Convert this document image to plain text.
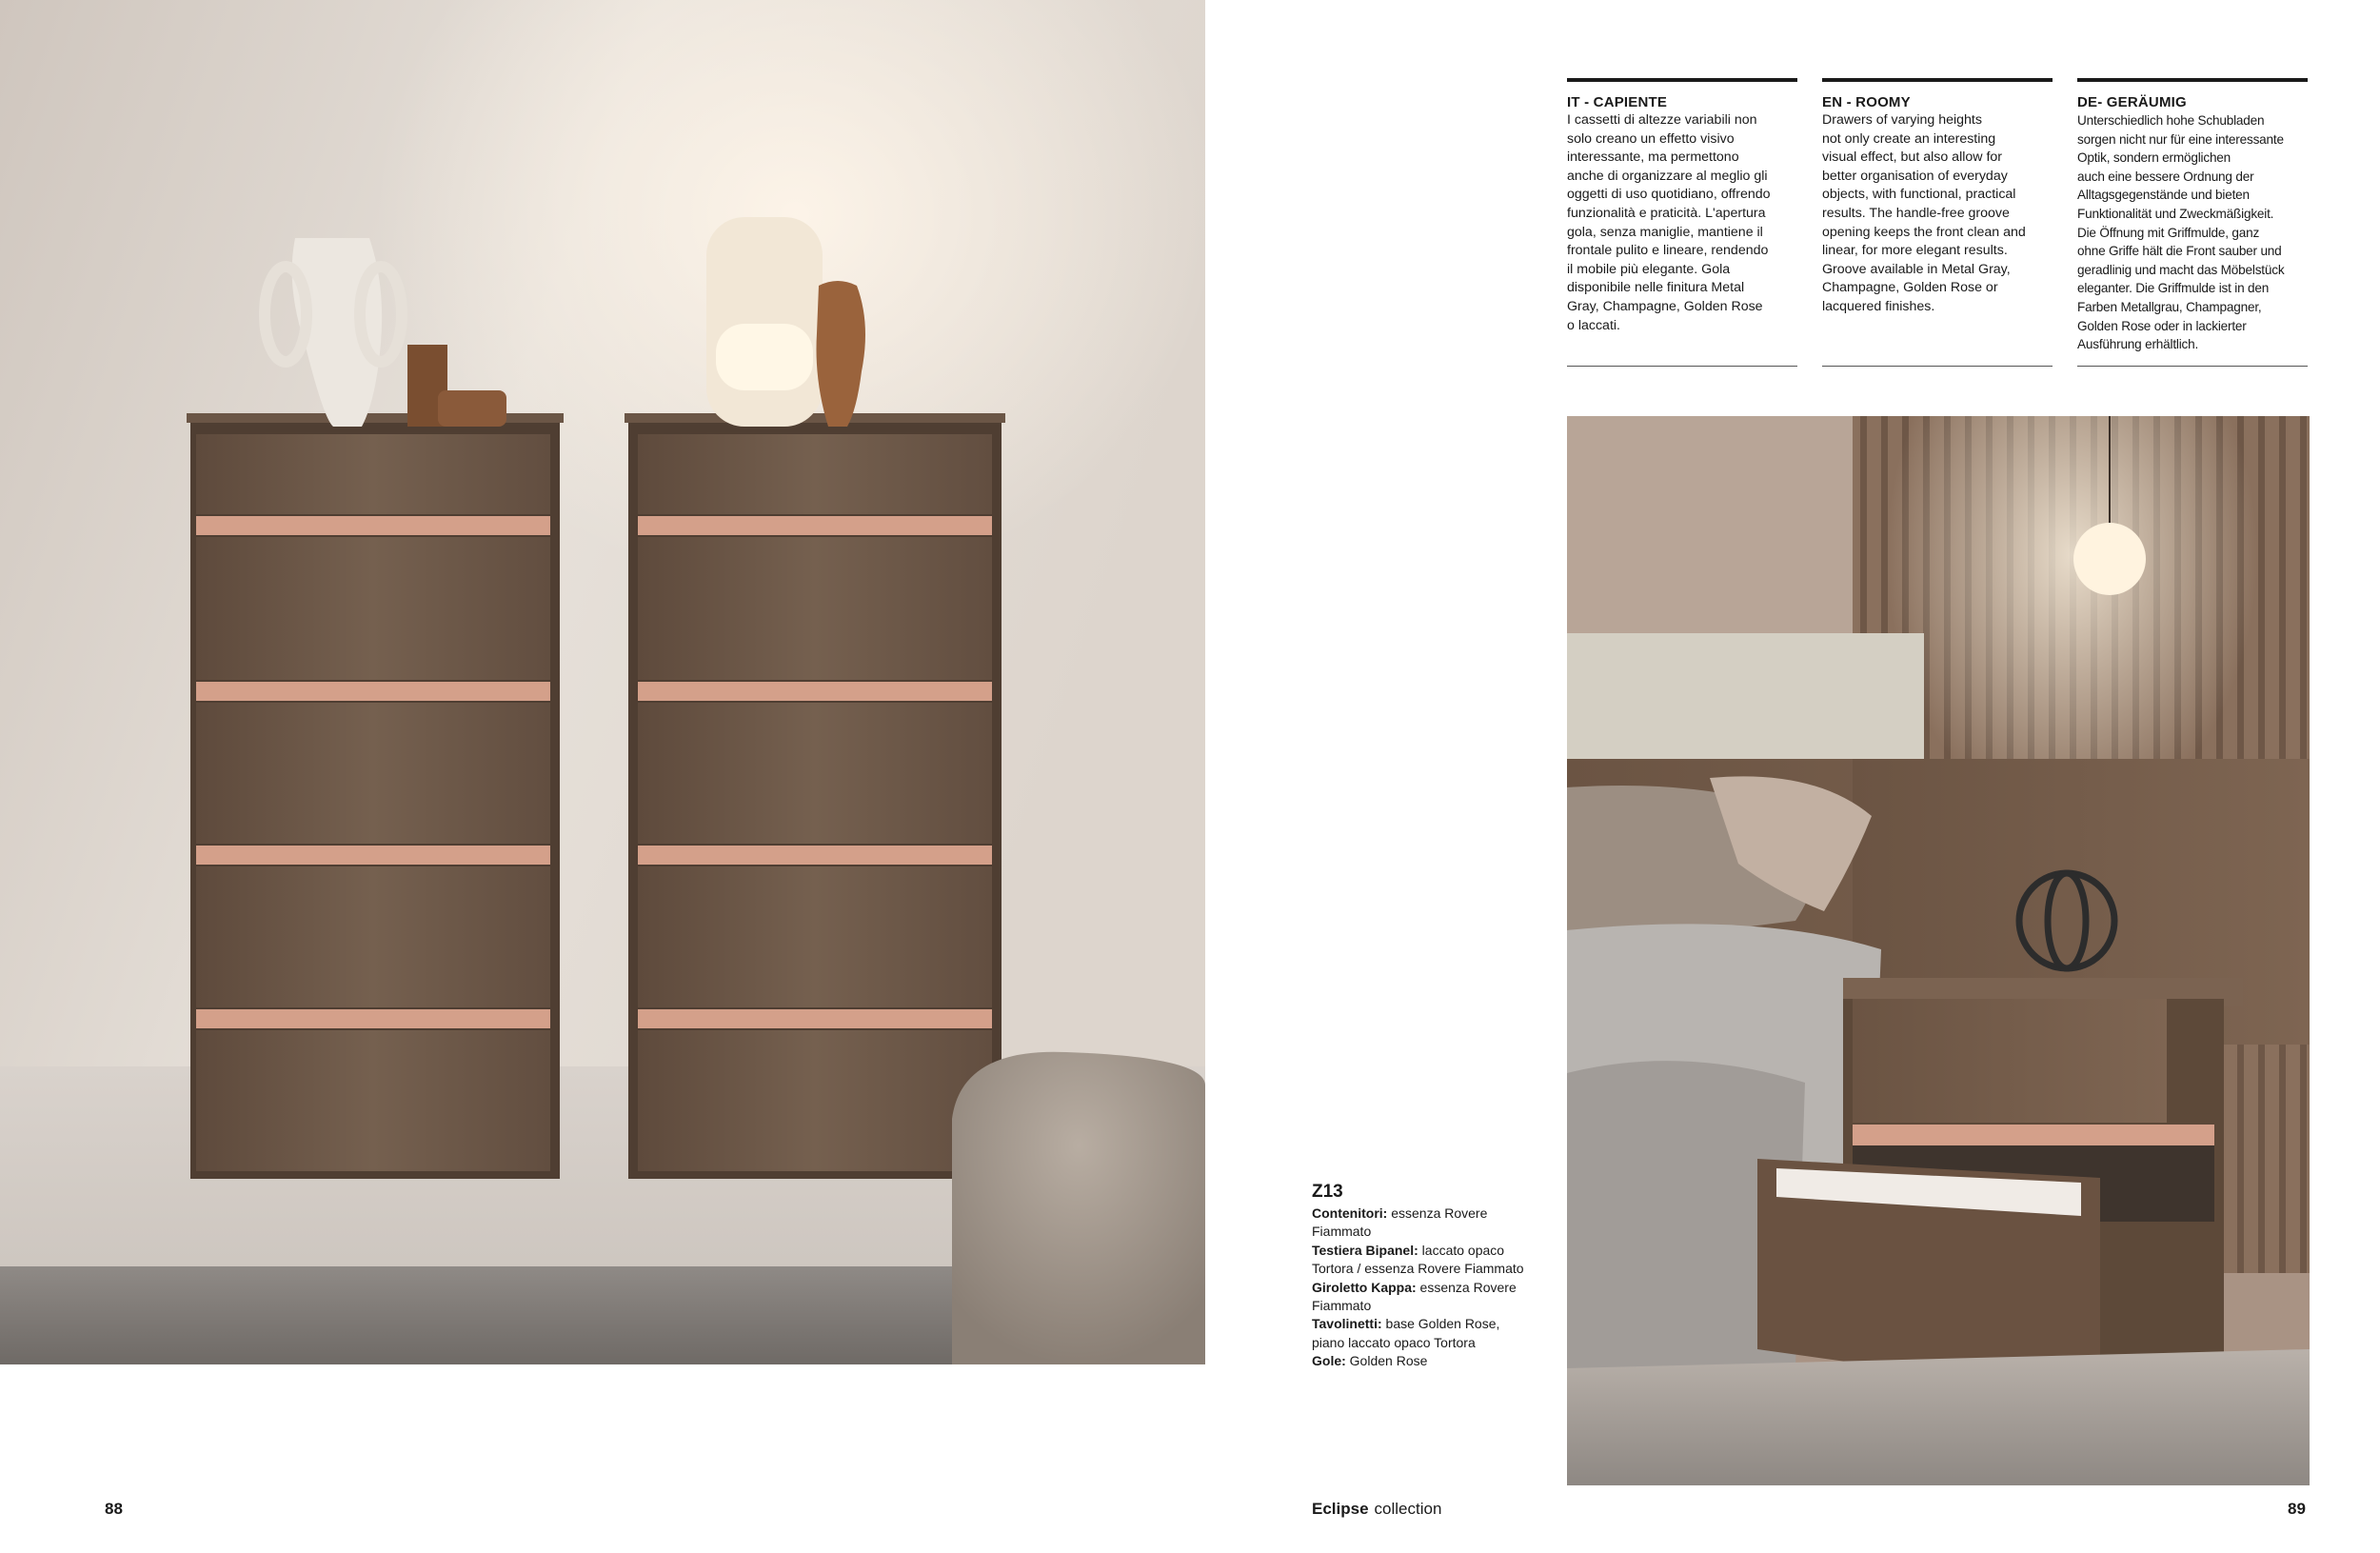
IT - CAPIENTE

I cassetti di altezze variabili non
solo creano un effetto visivo
interessante, ma permettono
anche di organizzare al meglio gli
oggetti di uso quotidiano, offrendo
funzionalità e praticità. L'apertura
gola, senza maniglie, mantiene il
frontale pulito e lineare, rendendo
il mobile più elegante. Gola
disponibile nelle finitura Metal
Gray, Champagne, Golden Rose
o laccati.

EN - ROOMY

Drawers of varying heights
not only create an interesting
visual effect, but also allow for
better organisation of everyday
objects, with functional, practical
results. The handle-free groove
opening keeps the front clean and
linear, for more elegant results.
Groove available in Metal Gray,
Champagne, Golden Rose or
lacquered finishes.

DE- GERÄUMIG

Unterschiedlich hohe Schubladen
sorgen nicht nur für eine interessante
Optik, sondern ermöglichen
auch eine bessere Ordnung der
Alltagsgegenstände und bieten
Funktionalität und Zweckmäßigkeit.
Die Öffnung mit Griffmulde, ganz
ohne Griffe hält die Front sauber und
geradlinig und macht das Möbelstück
eleganter. Die Griffmulde ist in den
Farben Metallgrau, Champagner,
Golden Rose oder in lackierter
Ausführung erhältlich.

Z13
Contenitori: essenza Rovere
Fiammato
Testiera Bipanel: laccato opaco
Tortora / essenza Rovere Fiammato
Giroletto Kappa: essenza Rovere
Fiammato
Tavolinetti: base Golden Rose,
piano laccato opaco Tortora
Gole: Golden Rose
88	Eclipse collection	89
